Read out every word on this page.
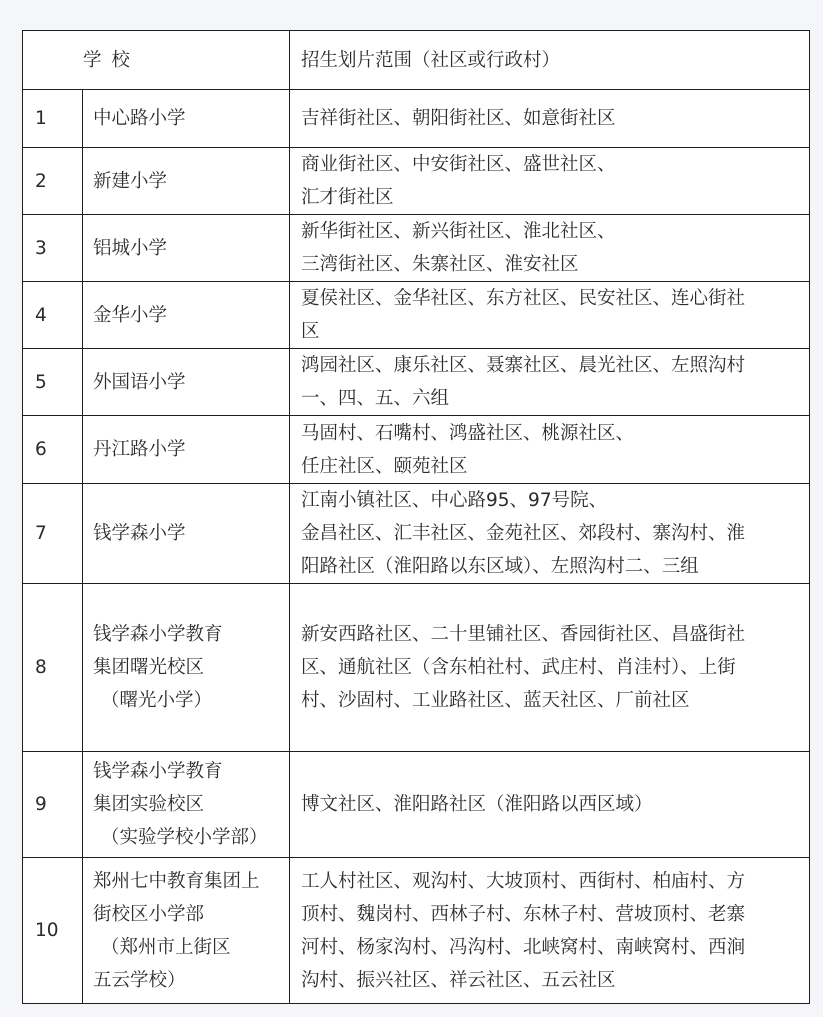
学 校		招生划片范围（社区或行政村）
1	中心路小学	吉祥街社区、朝阳街社区、如意街社区

2	新建小学	商业街社区、中安街社区、盛世社区、
汇才街社区

3	铝城小学	新华街社区、新兴街社区、淮北社区、
三湾街社区、朱寨社区、淮安社区

4	金华小学	夏侯社区、金华社区、东方社区、民安社区、连心街社
区

5	外国语小学	鸿园社区、康乐社区、聂寨社区、晨光社区、左照沟村
一、四、五、六组

6	丹江路小学	马固村、石嘴村、鸿盛社区、桃源社区、
任庄社区、颐苑社区

7	钱学森小学	江南小镇社区、中心路95、97号院、
金昌社区、汇丰社区、金苑社区、郊段村、寨沟村、淮
阳路社区（淮阳路以东区域）、左照沟村二、三组

8	钱学森小学教育
集团曙光校区
（曙光小学）	新安西路社区、二十里铺社区、香园街社区、昌盛街社
区、通航社区（含东柏社村、武庄村、肖洼村）、上街
村、沙固村、工业路社区、蓝天社区、厂前社区

9	钱学森小学教育
集团实验校区
（实验学校小学部）	博文社区、淮阳路社区（淮阳路以西区域）

10	郑州七中教育集团上
街校区小学部
（郑州市上街区
五云学校）	工人村社区、观沟村、大坡顶村、西街村、柏庙村、方
顶村、魏岗村、西林子村、东林子村、营坡顶村、老寨
河村、杨家沟村、冯沟村、北峡窝村、南峡窝村、西涧
沟村、振兴社区、祥云社区、五云社区
